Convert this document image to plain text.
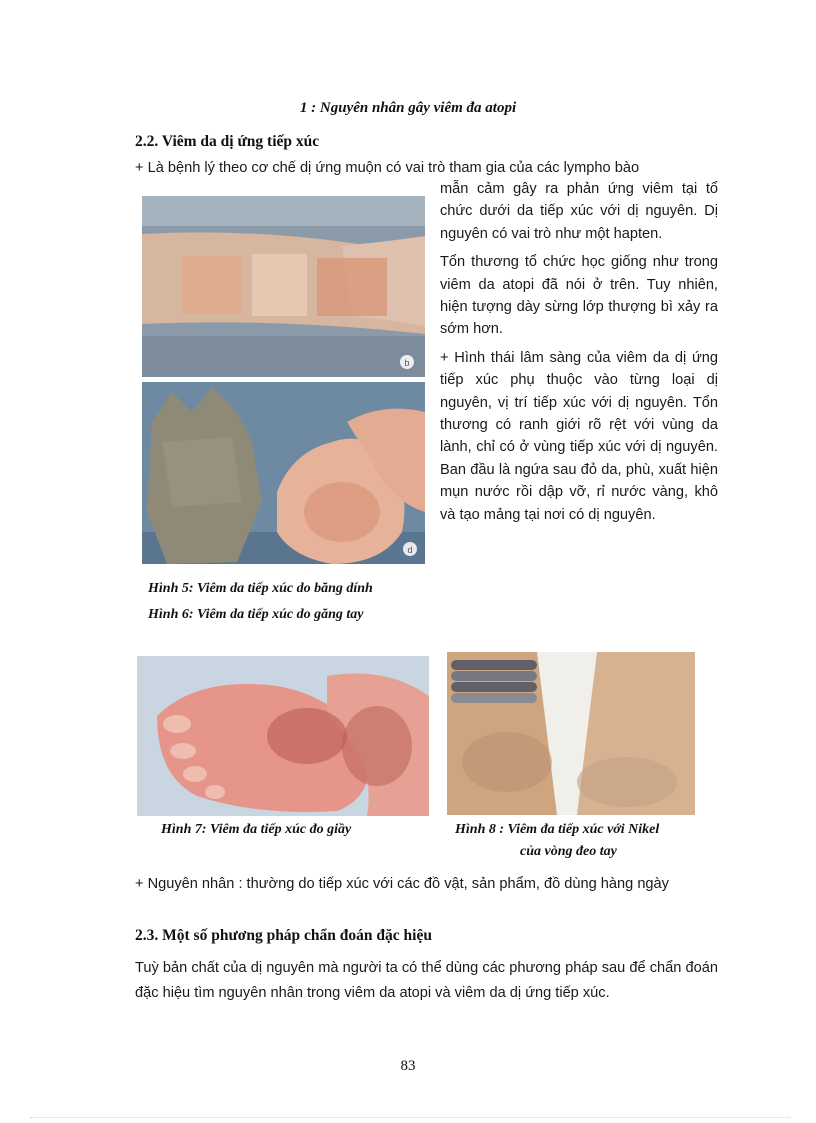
1 : Nguyên nhân gây viêm đa atopi
2.2. Viêm da dị ứng tiếp xúc
+ Là bệnh lý theo cơ chế dị ứng muộn có vai trò tham gia của các lympho bào
b
d

mẫn cảm gây ra phản ứng viêm tại tổ chức dưới da tiếp xúc với dị nguyên. Dị nguyên có vai trò như một hapten.

Tổn thương tổ chức học giống như trong viêm da atopi đã nói ở trên. Tuy nhiên, hiện tượng dày sừng lớp thượng bì xảy ra sớm hơn.

+ Hình thái lâm sàng của viêm da dị ứng tiếp xúc phụ thuộc vào từng loại dị nguyên, vị trí tiếp xúc với dị nguyên. Tổn thương có ranh giới rõ rệt với vùng da lành, chỉ có ở vùng tiếp xúc với dị nguyên. Ban đầu là ngứa sau đỏ da, phù, xuất hiện mụn nước rồi dập vỡ, rỉ nước vàng, khô và tạo mảng tại nơi có dị nguyên.

Hình 5: Viêm da tiếp xúc do băng dính
Hình 6: Viêm da tiếp xúc do găng tay
Hình 7: Viêm đa tiếp xúc đo giầy	Hình 8 : Viêm đa tiếp xúc với Nikel
của vòng đeo tay
+ Nguyên nhân : thường do tiếp xúc với các đồ vật, sản phẩm, đồ dùng hàng ngày
2.3. Một số phương pháp chẩn đoán đặc hiệu
Tuỳ bản chất của dị nguyên mà người ta có thể dùng các phương pháp sau để chẩn đoán đặc hiệu tìm nguyên nhân trong viêm da atopi và viêm da dị ứng tiếp xúc.
83
